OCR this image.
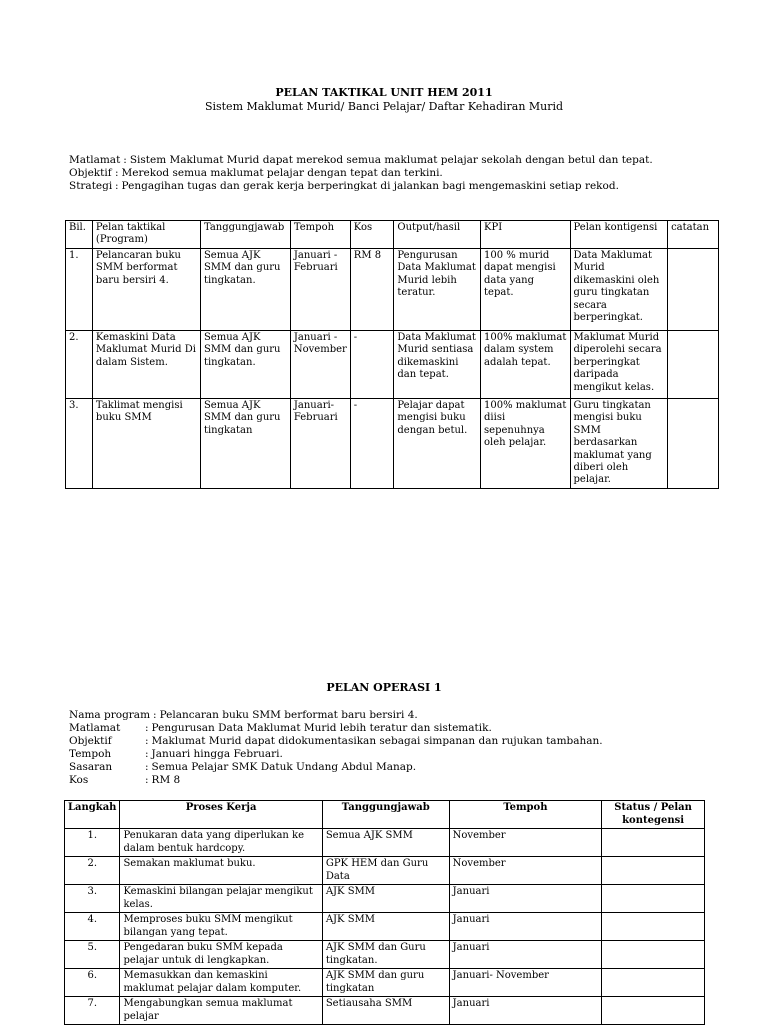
PELAN TAKTIKAL UNIT HEM 2011
Sistem Maklumat Murid/ Banci Pelajar/ Daftar Kehadiran Murid
Matlamat : Sistem Maklumat Murid dapat merekod semua maklumat pelajar sekolah dengan betul dan tepat.
Objektif : Merekod semua maklumat pelajar dengan tepat dan terkini.
Strategi : Pengagihan tugas dan gerak kerja berperingkat di jalankan bagi mengemaskini setiap rekod.
Bil.	Pelan taktikal (Program)	Tanggungjawab	Tempoh	Kos	Output/hasil	KPI	Pelan kontigensi	catatan
1.	Pelancaran buku SMM berformat baru bersiri 4.	Semua AJK SMM dan guru tingkatan.	Januari - Februari	RM 8	Pengurusan Data Maklumat Murid lebih teratur.	100 % murid dapat mengisi data yang tepat.	Data Maklumat Murid dikemaskini oleh guru tingkatan secara berperingkat.	
2.	Kemaskini Data Maklumat Murid Di dalam Sistem.	Semua AJK SMM dan guru tingkatan.	Januari - November	-	Data Maklumat Murid sentiasa dikemaskini dan tepat.	100% maklumat dalam system adalah tepat.	Maklumat Murid diperolehi secara berperingkat daripada mengikut kelas.	
3.	Taklimat mengisi buku SMM	Semua AJK SMM dan guru tingkatan	Januari- Februari	-	Pelajar dapat mengisi buku dengan betul.	100% maklumat diisi sepenuhnya oleh pelajar.	Guru tingkatan mengisi buku SMM berdasarkan maklumat yang diberi oleh pelajar.	
PELAN OPERASI 1
Nama program : Pelancaran buku SMM berformat baru bersiri 4.
Matlamat	: Pengurusan Data Maklumat Murid lebih teratur dan sistematik.
Objektif	: Maklumat Murid dapat didokumentasikan sebagai simpanan dan rujukan tambahan.
Tempoh	: Januari hingga Februari.
Sasaran	: Semua Pelajar SMK Datuk Undang Abdul Manap.
Kos	: RM 8
Langkah	Proses Kerja	Tanggungjawab	Tempoh	Status / Pelan kontegensi
1.	Penukaran data yang diperlukan ke dalam bentuk hardcopy.	Semua AJK SMM	November	
2.	Semakan maklumat buku.	GPK HEM dan Guru Data	November	
3.	Kemaskini bilangan pelajar mengikut kelas.	AJK SMM	Januari	
4.	Memproses buku SMM mengikut bilangan yang tepat.	AJK SMM	Januari	
5.	Pengedaran buku SMM kepada pelajar untuk di lengkapkan.	AJK SMM dan Guru tingkatan.	Januari	
6.	Memasukkan dan kemaskini maklumat pelajar dalam komputer.	AJK SMM dan guru tingkatan	Januari- November	
7.	Mengabungkan semua maklumat pelajar	Setiausaha SMM	Januari	
